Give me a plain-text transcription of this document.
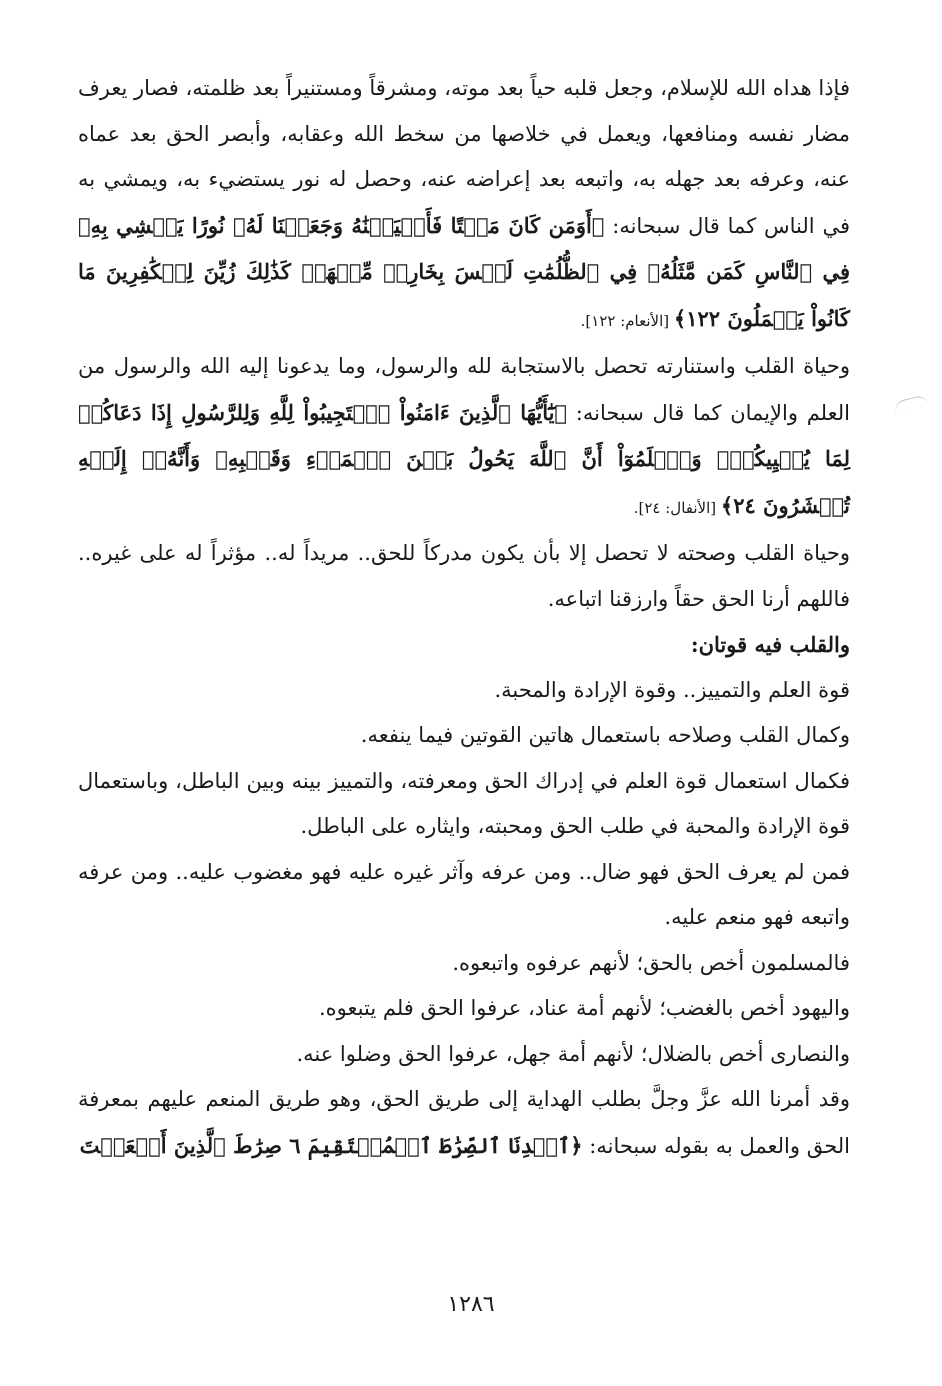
فإذا هداه الله للإسلام، وجعل قلبه حياً بعد موته، ومشرقاً ومستنيراً بعد ظلمته، فصار يعرف مضار نفسه ومنافعها، ويعمل في خلاصها من سخط الله وعقابه، وأبصر الحق بعد عماه عنه، وعرفه بعد جهله به، واتبعه بعد إعراضه عنه، وحصل له نور يستضيء به، ويمشي به في الناس كما قال سبحانه: ﴿أَوَمَن كَانَ مَيۡتًا فَأَحۡيَيۡنَٰهُ وَجَعَلۡنَا لَهُۥ نُورًا يَمۡشِي بِهِۦ فِي ٱلنَّاسِ كَمَن مَّثَلُهُۥ فِي ٱلظُّلُمَٰتِ لَيۡسَ بِخَارِجٖ مِّنۡهَاۚ كَذَٰلِكَ زُيِّنَ لِلۡكَٰفِرِينَ مَا كَانُواْ يَعۡمَلُونَ ١٢٢﴾ [الأنعام: ١٢٢].

وحياة القلب واستنارته تحصل بالاستجابة لله والرسول، وما يدعونا إليه الله والرسول من العلم والإيمان كما قال سبحانه: ﴿يَٰٓأَيُّهَا ٱلَّذِينَ ءَامَنُواْ ٱسۡتَجِيبُواْ لِلَّهِ وَلِلرَّسُولِ إِذَا دَعَاكُمۡ لِمَا يُحۡيِيكُمۡۖ وَٱعۡلَمُوٓاْ أَنَّ ٱللَّهَ يَحُولُ بَيۡنَ ٱلۡمَرۡءِ وَقَلۡبِهِۦ وَأَنَّهُۥٓ إِلَيۡهِ تُحۡشَرُونَ ٢٤﴾ [الأنفال: ٢٤].

وحياة القلب وصحته لا تحصل إلا بأن يكون مدركاً للحق.. مريداً له.. مؤثراً له على غيره.. فاللهم أرنا الحق حقاً وارزقنا اتباعه.

والقلب فيه قوتان:

قوة العلم والتمييز.. وقوة الإرادة والمحبة.

وكمال القلب وصلاحه باستعمال هاتين القوتين فيما ينفعه.

فكمال استعمال قوة العلم في إدراك الحق ومعرفته، والتمييز بينه وبين الباطل، وباستعمال قوة الإرادة والمحبة في طلب الحق ومحبته، وايثاره على الباطل.

فمن لم يعرف الحق فهو ضال.. ومن عرفه وآثر غيره عليه فهو مغضوب عليه.. ومن عرفه واتبعه فهو منعم عليه.

فالمسلمون أخص بالحق؛ لأنهم عرفوه واتبعوه.

واليهود أخص بالغضب؛ لأنهم أمة عناد، عرفوا الحق فلم يتبعوه.

والنصارى أخص بالضلال؛ لأنهم أمة جهل، عرفوا الحق وضلوا عنه.

وقد أمرنا الله عزَّ وجلَّ بطلب الهداية إلى طريق الحق، وهو طريق المنعم عليهم بمعرفة الحق والعمل به بقوله سبحانه: ﴿ٱهۡدِنَا ٱلصِّرَٰطَ ٱلۡمُسۡتَقِيمَ ٦ صِرَٰطَ ٱلَّذِينَ أَنۡعَمۡتَ

١٢٨٦
